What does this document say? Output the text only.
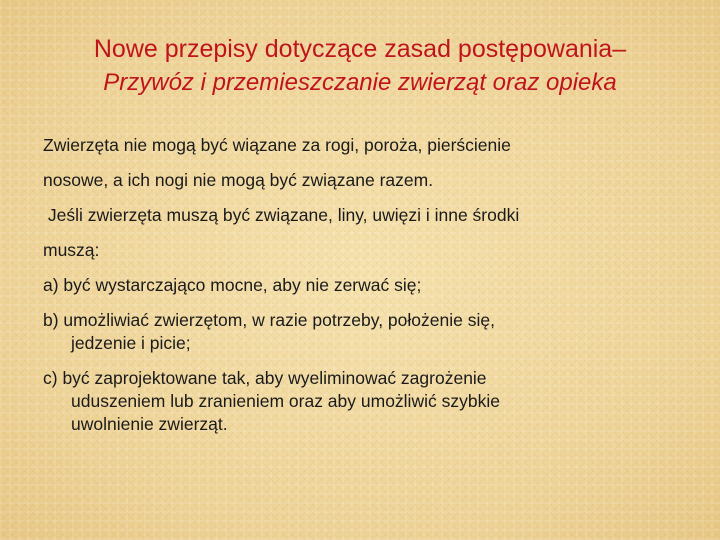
Nowe przepisy dotyczące zasad postępowania–
Przywóz i przemieszczanie zwierząt oraz opieka
Zwierzęta nie mogą być wiązane za rogi, poroża, pierścienie
nosowe, a ich nogi nie mogą być związane razem.
Jeśli zwierzęta muszą być związane, liny, uwięzi i inne środki
muszą:
a) być wystarczająco mocne, aby nie zerwać się;
b) umożliwiać zwierzętom, w razie potrzeby, położenie się,
jedzenie i picie;
c) być zaprojektowane tak, aby wyeliminować zagrożenie
uduszeniem lub zranieniem oraz aby umożliwić szybkie
uwolnienie zwierząt.
